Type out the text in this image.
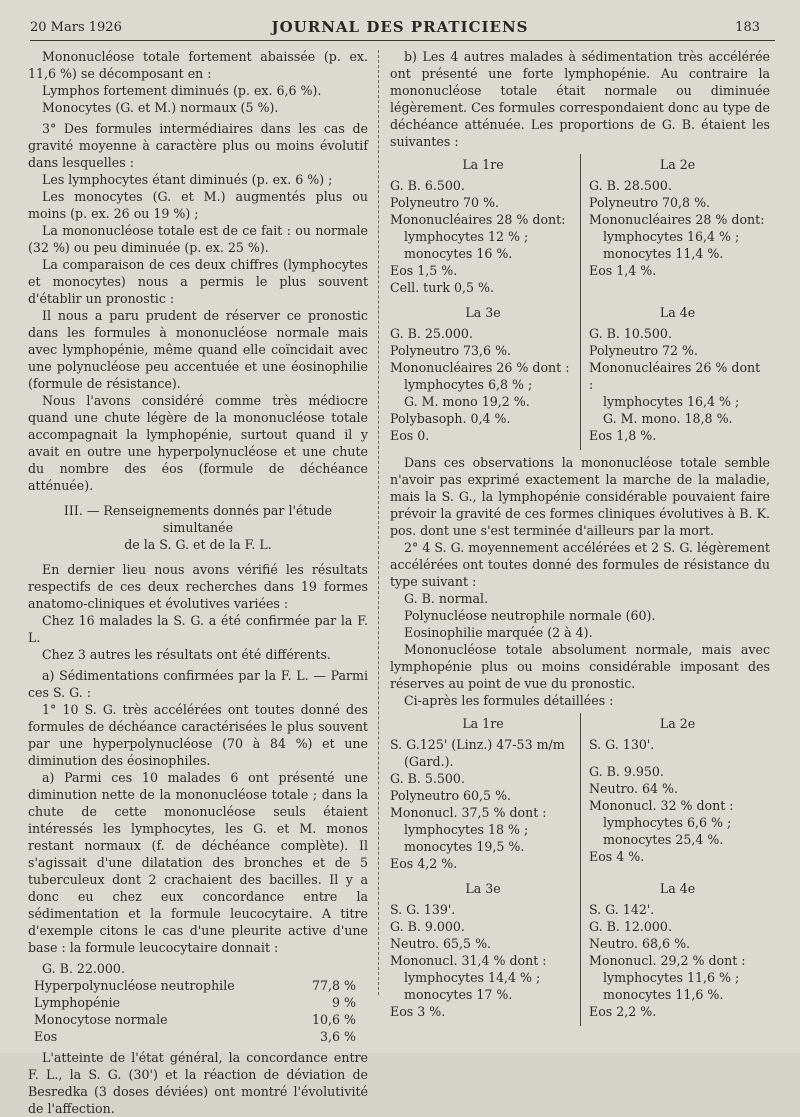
20 Mars 1926	JOURNAL DES PRATICIENS	183

Mononucléose totale fortement abaissée (p. ex. 11,6 %) se décomposant en :

Lymphos fortement diminués (p. ex. 6,6 %).

Monocytes (G. et M.) normaux (5 %).

3° Des formules intermédiaires dans les cas de gravité moyenne à caractère plus ou moins évolutif dans lesquelles :

Les lymphocytes étant diminués (p. ex. 6 %) ;

Les monocytes (G. et M.) augmentés plus ou moins (p. ex. 26 ou 19 %) ;

La mononucléose totale est de ce fait : ou normale (32 %) ou peu diminuée (p. ex. 25 %).

La comparaison de ces deux chiffres (lymphocytes et monocytes) nous a permis le plus souvent d'établir un pronostic :

Il nous a paru prudent de réserver ce pronostic dans les formules à mononucléose normale mais avec lymphopénie, même quand elle coïncidait avec une polynucléose peu accentuée et une éosinophilie (formule de résistance).

Nous l'avons considéré comme très médiocre quand une chute légère de la mononucléose totale accompagnait la lymphopénie, surtout quand il y avait en outre une hyperpolynucléose et une chute du nombre des éos (formule de déchéance atténuée).

III. — Renseignements donnés par l'étude simultanée

de la S. G. et de la F. L.

En dernier lieu nous avons vérifié les résultats respectifs de ces deux recherches dans 19 formes anatomo-cliniques et évolutives variées :

Chez 16 malades la S. G. a été confirmée par la F. L.

Chez 3 autres les résultats ont été différents.

a) Sédimentations confirmées par la F. L. — Parmi ces S. G. :

1° 10 S. G. très accélérées ont toutes donné des formules de déchéance caractérisées le plus souvent par une hyperpolynucléose (70 à 84 %) et une diminution des éosinophiles.

a) Parmi ces 10 malades 6 ont présenté une diminution nette de la mononucléose totale ; dans la chute de cette mononucléose seuls étaient intéressés les lymphocytes, les G. et M. monos restant normaux (f. de déchéance complète). Il s'agissait d'une dilatation des bronches et de 5 tuberculeux dont 2 crachaient des bacilles. Il y a donc eu chez eux concordance entre la sédimentation et la formule leucocytaire. A titre d'exemple citons le cas d'une pleurite active d'une base : la formule leucocytaire donnait :

G. B. 22.000.

Hyperpolynucléose neutrophile	77,8 %
Lymphopénie	9 %
Monocytose normale	10,6 %
Eos	3,6 %

L'atteinte de l'état général, la concordance entre F. L., la S. G. (30') et la réaction de déviation de Besredka (3 doses déviées) ont montré l'évolutivité de l'affection.

b) Les 4 autres malades à sédimentation très accélérée ont présenté une forte lymphopénie. Au contraire la mononucléose totale était normale ou diminuée légèrement. Ces formules correspondaient donc au type de déchéance atténuée. Les proportions de G. B. étaient les suivantes :

La 1re

G. B. 6.500.

Polyneutro 70 %.

Mononucléaires 28 % dont:

lymphocytes 12 % ;

monocytes 16 %.

Eos 1,5 %.

Cell. turk 0,5 %.

La 2e

G. B. 28.500.

Polyneutro 70,8 %.

Mononucléaires 28 % dont:

lymphocytes 16,4 % ;

monocytes 11,4 %.

Eos 1,4 %.

La 3e

G. B. 25.000.

Polyneutro 73,6 %.

Mononucléaires 26 % dont :

lymphocytes 6,8 % ;

G. M. mono 19,2 %.

Polybasoph. 0,4 %.

Eos 0.

La 4e

G. B. 10.500.

Polyneutro 72 %.

Mononucléaires 26 % dont :

lymphocytes 16,4 % ;

G. M. mono. 18,8 %.

Eos 1,8 %.

Dans ces observations la mononucléose totale semble n'avoir pas exprimé exactement la marche de la maladie, mais la S. G., la lymphopénie considérable pouvaient faire prévoir la gravité de ces formes cliniques évolutives à B. K. pos. dont une s'est terminée d'ailleurs par la mort.

2° 4 S. G. moyennement accélérées et 2 S. G. légèrement accélérées ont toutes donné des formules de résistance du type suivant :

G. B. normal.

Polynucléose neutrophile normale (60).

Eosinophilie marquée (2 à 4).

Mononucléose totale absolument normale, mais avec lymphopénie plus ou moins considérable imposant des réserves au point de vue du pronostic.

Ci-après les formules détaillées :

La 1re

S. G.125' (Linz.) 47-53 m/m

(Gard.).

G. B. 5.500.

Polyneutro 60,5 %.

Mononucl. 37,5 % dont :

lymphocytes 18 % ;

monocytes 19,5 %.

Eos 4,2 %.

La 2e

S. G. 130'.

G. B. 9.950.

Neutro. 64 %.

Mononucl. 32 % dont :

lymphocytes 6,6 % ;

monocytes 25,4 %.

Eos 4 %.

La 3e

S. G. 139'.

G. B. 9.000.

Neutro. 65,5 %.

Mononucl. 31,4 % dont :

lymphocytes 14,4 % ;

monocytes 17 %.

Eos 3 %.

La 4e

S. G. 142'.

G. B. 12.000.

Neutro. 68,6 %.

Mononucl. 29,2 % dont :

lymphocytes 11,6 % ;

monocytes 11,6 %.

Eos 2,2 %.
